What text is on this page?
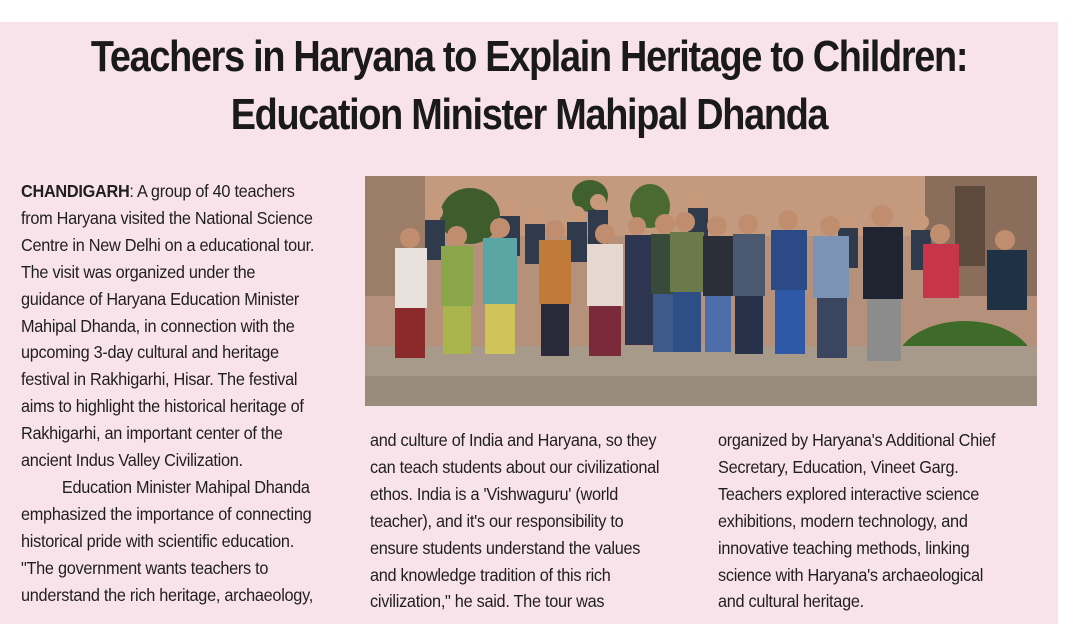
Teachers in Haryana to Explain Heritage to Children:
Education Minister Mahipal Dhanda

CHANDIGARH: A group of 40 teachers

from Haryana visited the National Science

Centre in New Delhi on a educational tour.

The visit was organized under the

guidance of Haryana Education Minister

Mahipal Dhanda, in connection with the

upcoming 3-day cultural and heritage

festival in Rakhigarhi, Hisar. The festival

aims to highlight the historical heritage of

Rakhigarhi, an important center of the

ancient Indus Valley Civilization.

Education Minister Mahipal Dhanda

emphasized the importance of connecting

historical pride with scientific education.

"The government wants teachers to

understand the rich heritage, archaeology,

and culture of India and Haryana, so they

can teach students about our civilizational

ethos. India is a 'Vishwaguru' (world

teacher), and it's our responsibility to

ensure students understand the values

and knowledge tradition of this rich

civilization," he said. The tour was

organized by Haryana's Additional Chief

Secretary, Education, Vineet Garg.

Teachers explored interactive science

exhibitions, modern technology, and

innovative teaching methods, linking

science with Haryana's archaeological

and cultural heritage.
